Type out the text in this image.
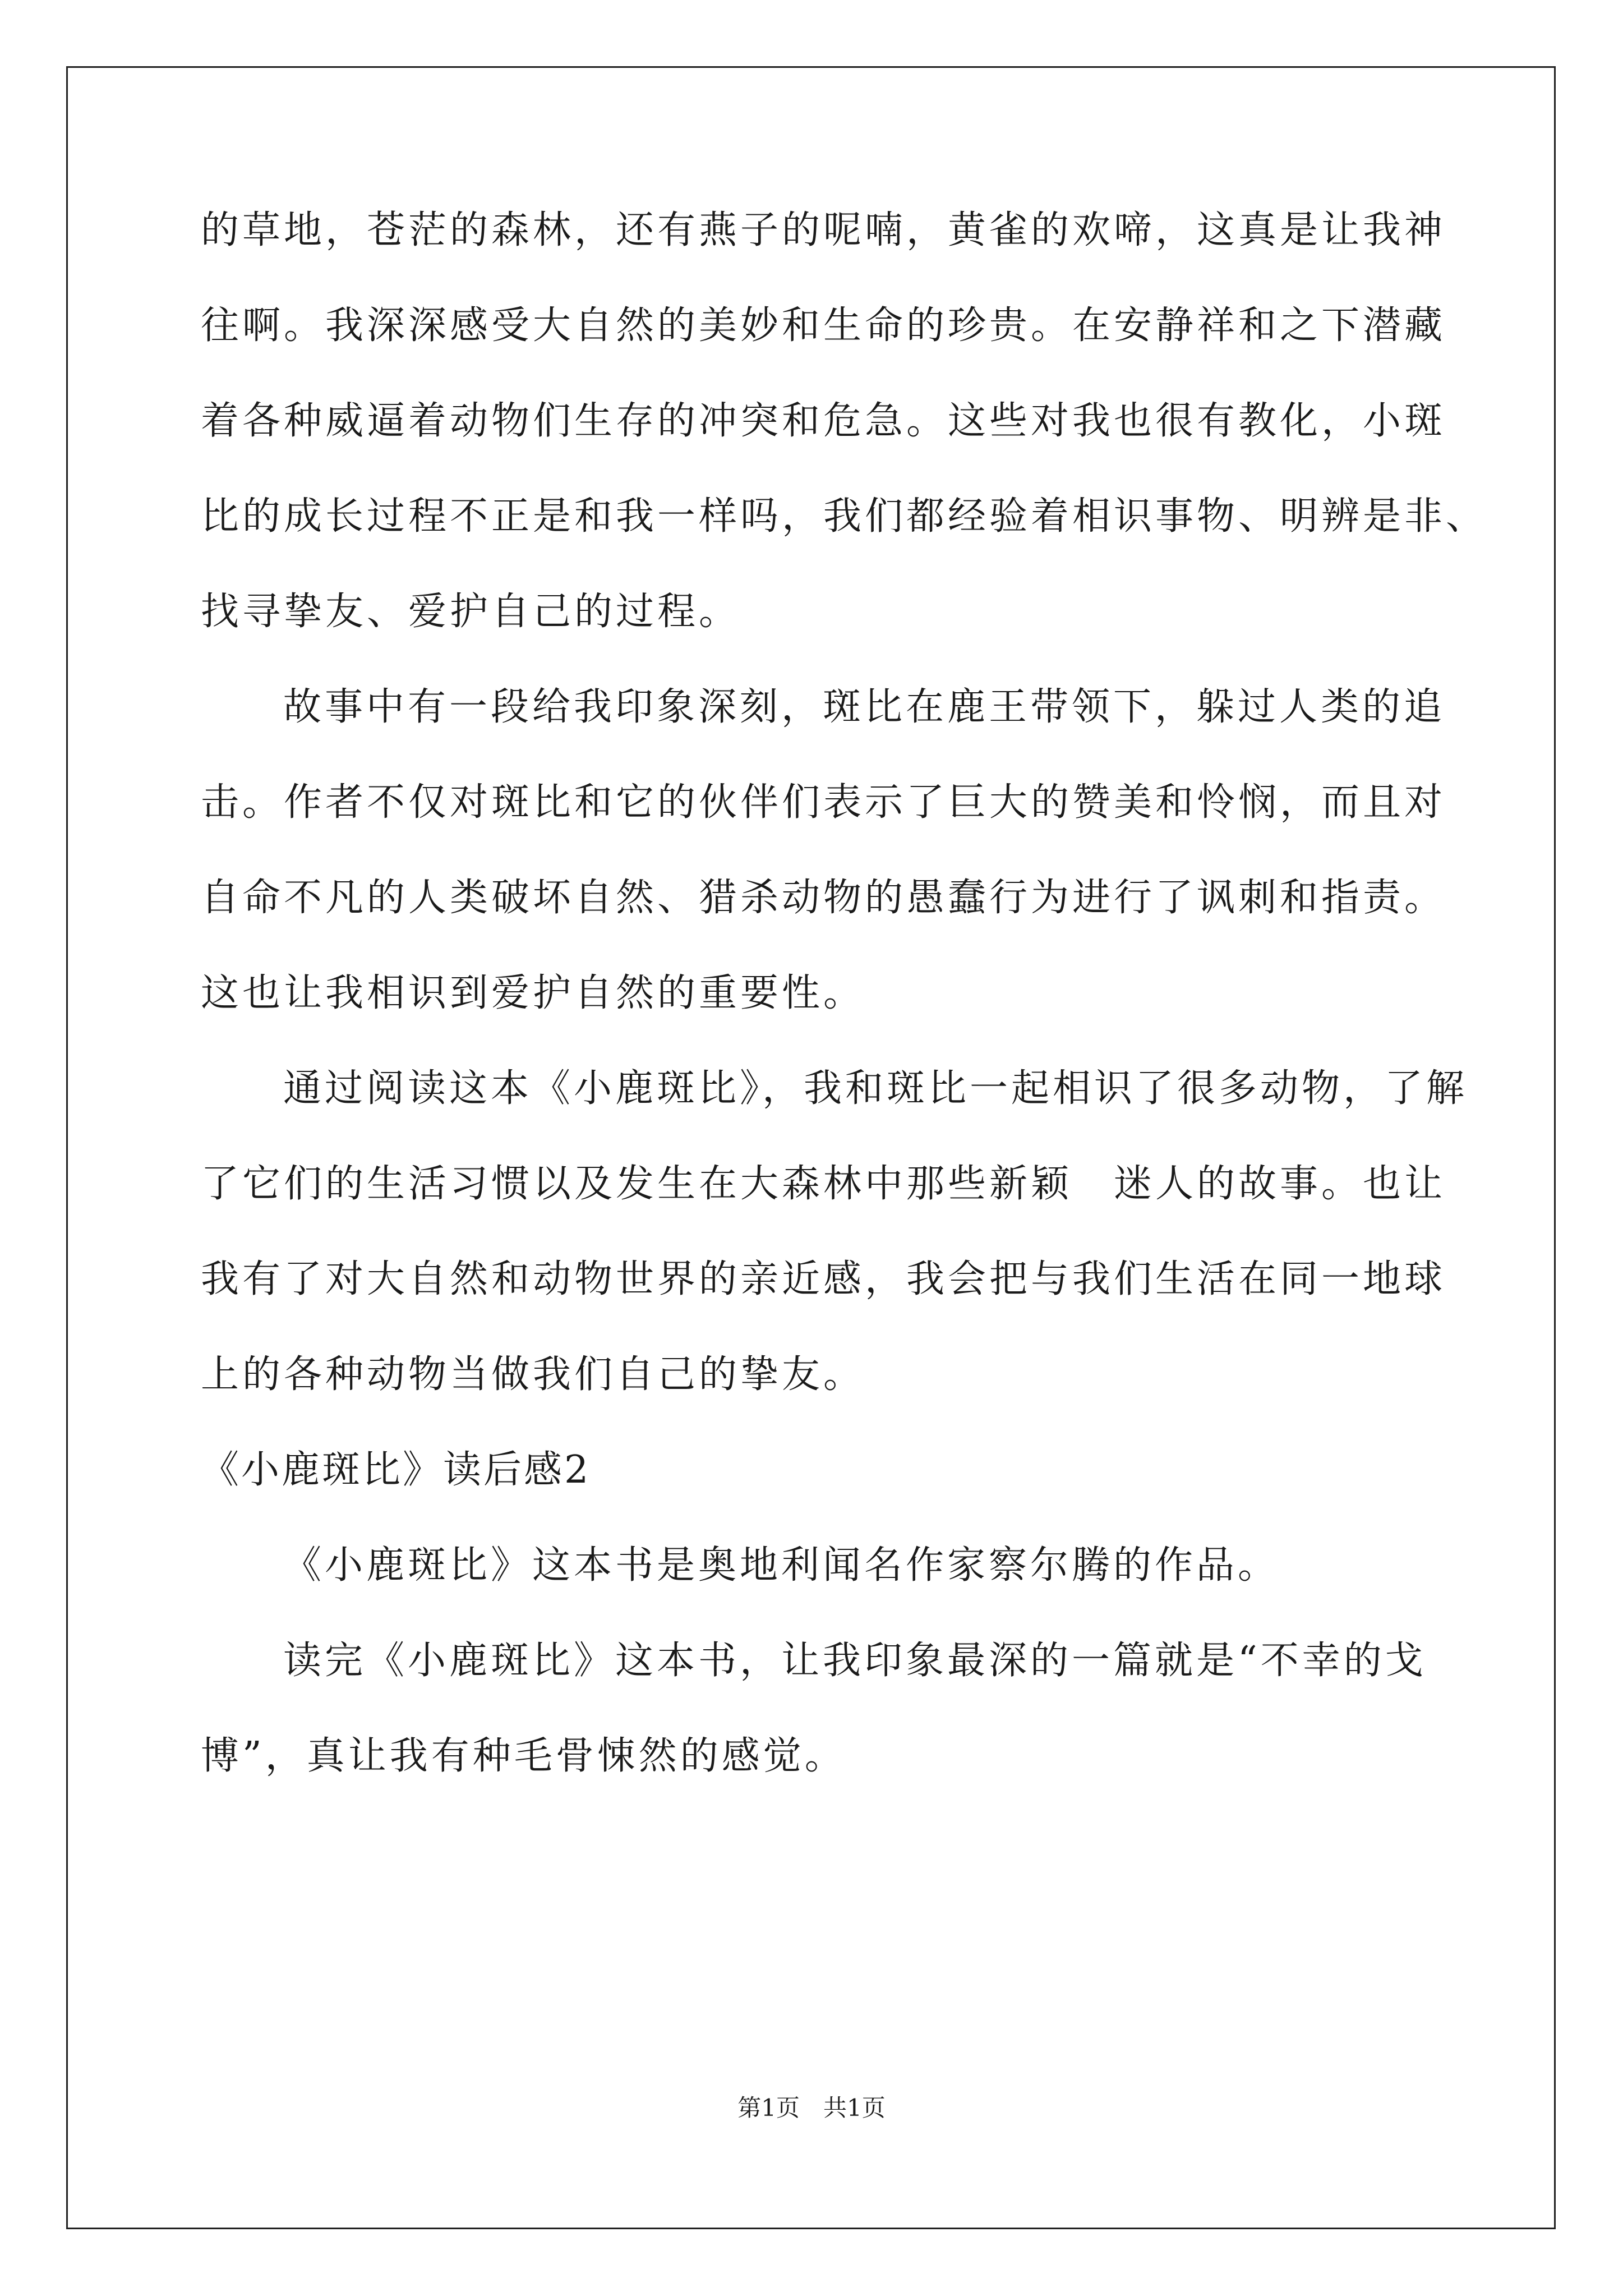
的草地，苍茫的森林，还有燕子的呢喃，黄雀的欢啼，这真是让我神
往啊。我深深感受大自然的美妙和生命的珍贵。在安静祥和之下潜藏
着各种威逼着动物们生存的冲突和危急。这些对我也很有教化，小斑
比的成长过程不正是和我一样吗，我们都经验着相识事物、明辨是非、
找寻挚友、爱护自己的过程。
故事中有一段给我印象深刻，斑比在鹿王带领下，躲过人类的追
击。作者不仅对斑比和它的伙伴们表示了巨大的赞美和怜悯，而且对
自命不凡的人类破坏自然、猎杀动物的愚蠢行为进行了讽刺和指责。
这也让我相识到爱护自然的重要性。
通过阅读这本《小鹿斑比》，我和斑比一起相识了很多动物，了解
了它们的生活习惯以及发生在大森林中那些新颖　迷人的故事。也让
我有了对大自然和动物世界的亲近感，我会把与我们生活在同一地球
上的各种动物当做我们自己的挚友。
《小鹿斑比》读后感2
《小鹿斑比》这本书是奥地利闻名作家察尔腾的作品。
读完《小鹿斑比》这本书，让我印象最深的一篇就是“不幸的戈
博”，真让我有种毛骨悚然的感觉。
第1页　共1页
